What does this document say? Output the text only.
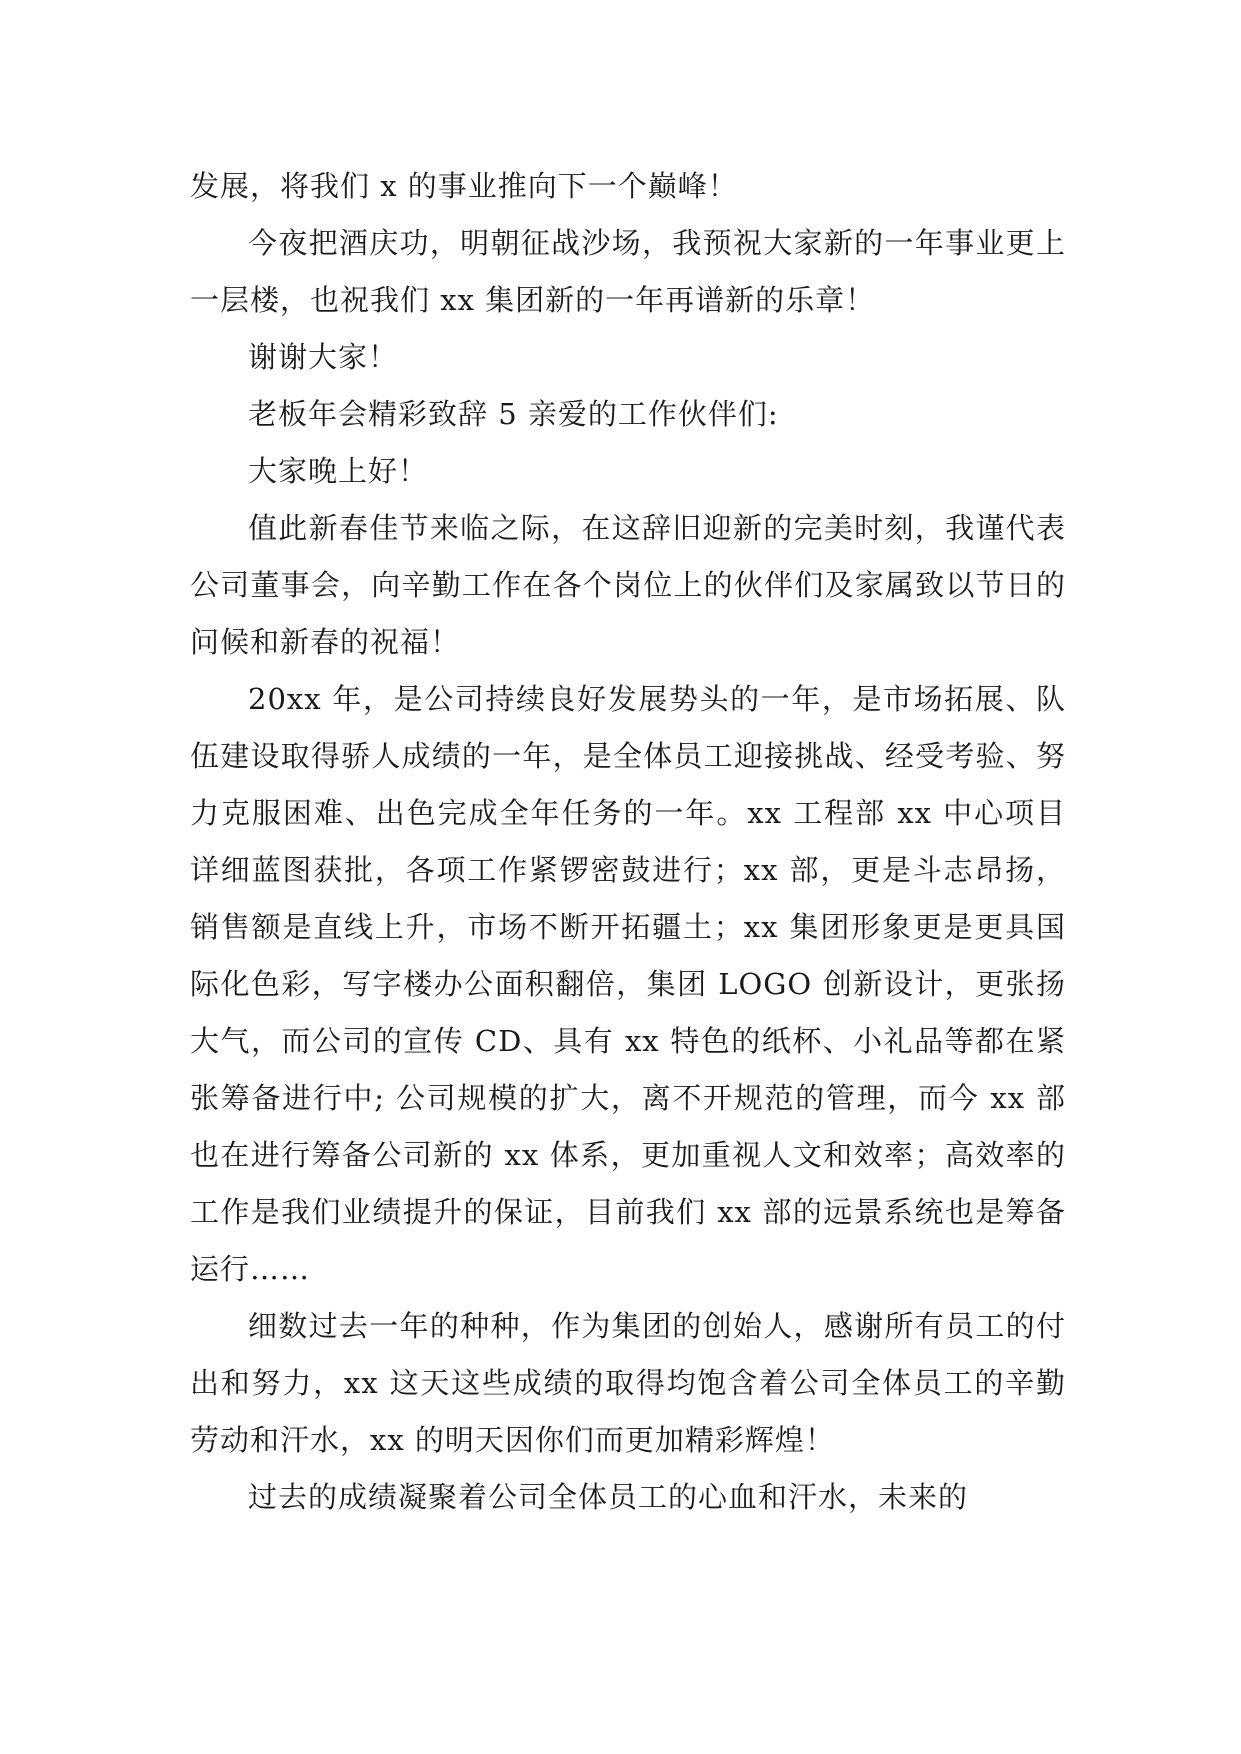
发展，将我们 x 的事业推向下一个巅峰！

今夜把酒庆功，明朝征战沙场，我预祝大家新的一年事业更上一层楼，也祝我们 xx 集团新的一年再谱新的乐章！

谢谢大家！

老板年会精彩致辞 5 亲爱的工作伙伴们:

大家晚上好！

值此新春佳节来临之际，在这辞旧迎新的完美时刻，我谨代表公司董事会，向辛勤工作在各个岗位上的伙伴们及家属致以节日的问候和新春的祝福！

20xx 年，是公司持续良好发展势头的一年，是市场拓展、队伍建设取得骄人成绩的一年，是全体员工迎接挑战、经受考验、努力克服困难、出色完成全年任务的一年。xx 工程部 xx 中心项目详细蓝图获批，各项工作紧锣密鼓进行；xx 部，更是斗志昂扬，销售额是直线上升，市场不断开拓疆土；xx 集团形象更是更具国际化色彩，写字楼办公面积翻倍，集团 LOGO 创新设计，更张扬大气，而公司的宣传 CD、具有 xx 特色的纸杯、小礼品等都在紧张筹备进行中; 公司规模的扩大，离不开规范的管理，而今 xx 部也在进行筹备公司新的 xx 体系，更加重视人文和效率；高效率的工作是我们业绩提升的保证，目前我们 xx 部的远景系统也是筹备运行……

细数过去一年的种种，作为集团的创始人，感谢所有员工的付出和努力，xx 这天这些成绩的取得均饱含着公司全体员工的辛勤劳动和汗水，xx 的明天因你们而更加精彩辉煌！

过去的成绩凝聚着公司全体员工的心血和汗水，未来的
